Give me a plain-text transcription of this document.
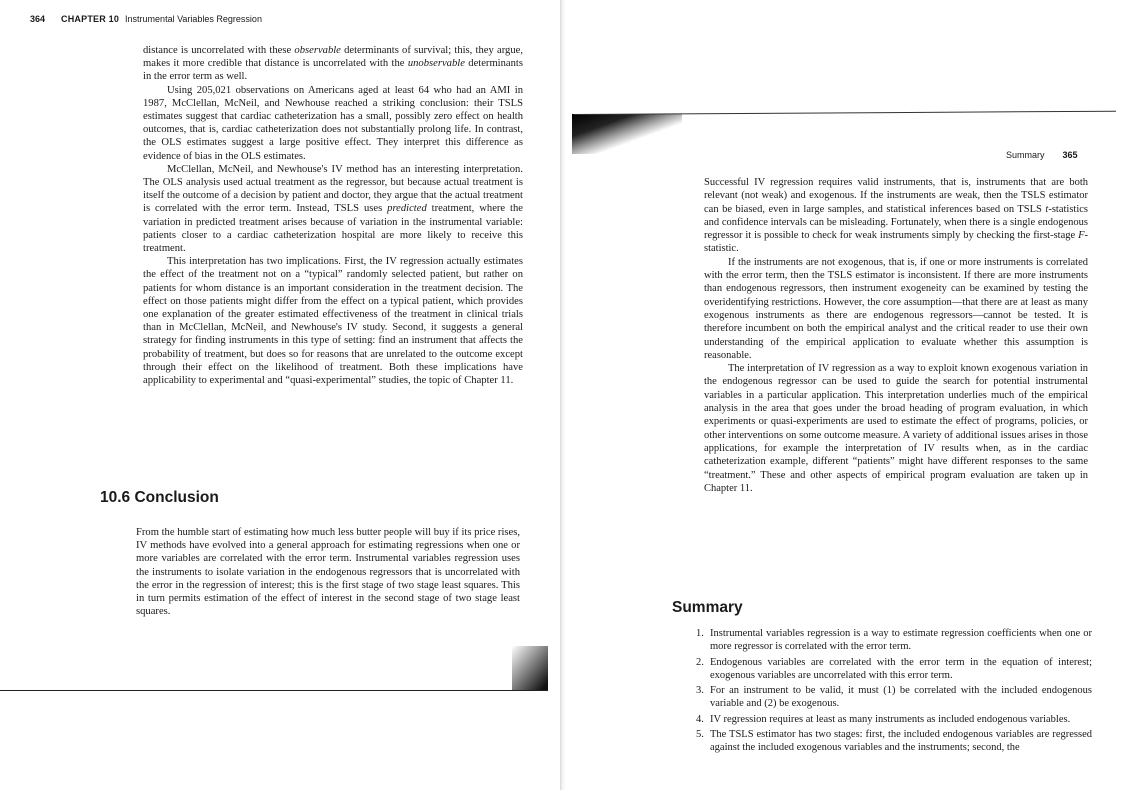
364 CHAPTER 10 Instrumental Variables Regression

distance is uncorrelated with these observable determinants of survival; this, they argue, makes it more credible that distance is uncorrelated with the unobservable determinants in the error term as well.

Using 205,021 observations on Americans aged at least 64 who had an AMI in 1987, McClellan, McNeil, and Newhouse reached a striking conclusion: their TSLS estimates suggest that cardiac catheterization has a small, possibly zero effect on health outcomes, that is, cardiac catheterization does not substantially prolong life. In contrast, the OLS estimates suggest a large positive effect. They interpret this difference as evidence of bias in the OLS estimates.

McClellan, McNeil, and Newhouse's IV method has an interesting interpretation. The OLS analysis used actual treatment as the regressor, but because actual treatment is itself the outcome of a decision by patient and doctor, they argue that the actual treatment is correlated with the error term. Instead, TSLS uses predicted treatment, where the variation in predicted treatment arises because of variation in the instrumental variable: patients closer to a cardiac catheterization hospital are more likely to receive this treatment.

This interpretation has two implications. First, the IV regression actually estimates the effect of the treatment not on a “typical” randomly selected patient, but rather on patients for whom distance is an important consideration in the treatment decision. The effect on those patients might differ from the effect on a typical patient, which provides one explanation of the greater estimated effectiveness of the treatment in clinical trials than in McClellan, McNeil, and Newhouse's IV study. Second, it suggests a general strategy for finding instruments in this type of setting: find an instrument that affects the probability of treatment, but does so for reasons that are unrelated to the outcome except through their effect on the likelihood of treatment. Both these implications have applicability to experimental and “quasi-experimental” studies, the topic of Chapter 11.

10.6 Conclusion

From the humble start of estimating how much less butter people will buy if its price rises, IV methods have evolved into a general approach for estimating regressions when one or more variables are correlated with the error term. Instrumental variables regression uses the instruments to isolate variation in the endogenous regressors that is uncorrelated with the error in the regression of interest; this is the first stage of two stage least squares. This in turn permits estimation of the effect of interest in the second stage of two stage least squares.

Summary 365

Successful IV regression requires valid instruments, that is, instruments that are both relevant (not weak) and exogenous. If the instruments are weak, then the TSLS estimator can be biased, even in large samples, and statistical inferences based on TSLS t-statistics and confidence intervals can be misleading. Fortunately, when there is a single endogenous regressor it is possible to check for weak instruments simply by checking the first-stage F-statistic.

If the instruments are not exogenous, that is, if one or more instruments is correlated with the error term, then the TSLS estimator is inconsistent. If there are more instruments than endogenous regressors, then instrument exogeneity can be examined by testing the overidentifying restrictions. However, the core assumption—that there are at least as many exogenous instruments as there are endogenous regressors—cannot be tested. It is therefore incumbent on both the empirical analyst and the critical reader to use their own understanding of the empirical application to evaluate whether this assumption is reasonable.

The interpretation of IV regression as a way to exploit known exogenous variation in the endogenous regressor can be used to guide the search for potential instrumental variables in a particular application. This interpretation underlies much of the empirical analysis in the area that goes under the broad heading of program evaluation, in which experiments or quasi-experiments are used to estimate the effect of programs, policies, or other interventions on some outcome measure. A variety of additional issues arises in those applications, for example the interpretation of IV results when, as in the cardiac catheterization example, different “patients” might have different responses to the same “treatment.” These and other aspects of empirical program evaluation are taken up in Chapter 11.

Summary
1. Instrumental variables regression is a way to estimate regression coefficients when one or more regressor is correlated with the error term.
2. Endogenous variables are correlated with the error term in the equation of interest; exogenous variables are uncorrelated with this error term.
3. For an instrument to be valid, it must (1) be correlated with the included endogenous variable and (2) be exogenous.
4. IV regression requires at least as many instruments as included endogenous variables.
5. The TSLS estimator has two stages: first, the included endogenous variables are regressed against the included exogenous variables and the instruments; second, the
